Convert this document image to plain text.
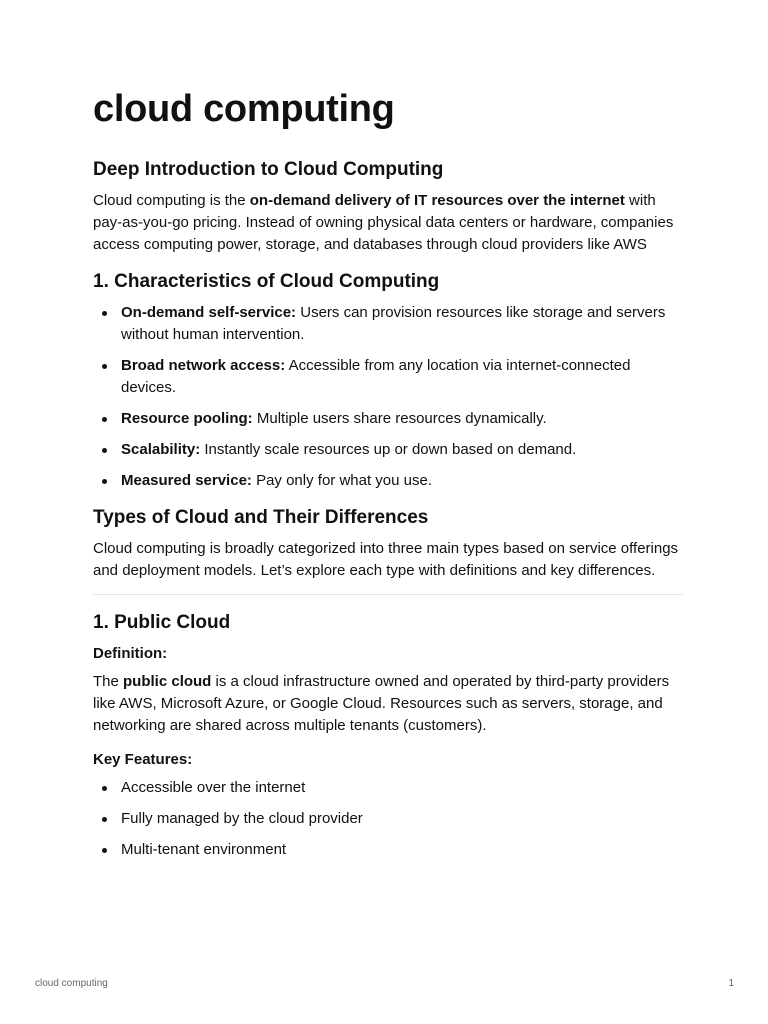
cloud computing
Deep Introduction to Cloud Computing

Cloud computing is the on-demand delivery of IT resources over the internet with pay-as-you-go pricing. Instead of owning physical data centers or hardware, companies access computing power, storage, and databases through cloud providers like AWS

1. Characteristics of Cloud Computing
On-demand self-service: Users can provision resources like storage and servers without human intervention.
Broad network access: Accessible from any location via internet-connected devices.
Resource pooling: Multiple users share resources dynamically.
Scalability: Instantly scale resources up or down based on demand.
Measured service: Pay only for what you use.
Types of Cloud and Their Differences

Cloud computing is broadly categorized into three main types based on service offerings and deployment models. Let’s explore each type with definitions and key differences.

1. Public Cloud
Definition:

The public cloud is a cloud infrastructure owned and operated by third-party providers like AWS, Microsoft Azure, or Google Cloud. Resources such as servers, storage, and networking are shared across multiple tenants (customers).

Key Features:
Accessible over the internet
Fully managed by the cloud provider
Multi-tenant environment
cloud computing	1
